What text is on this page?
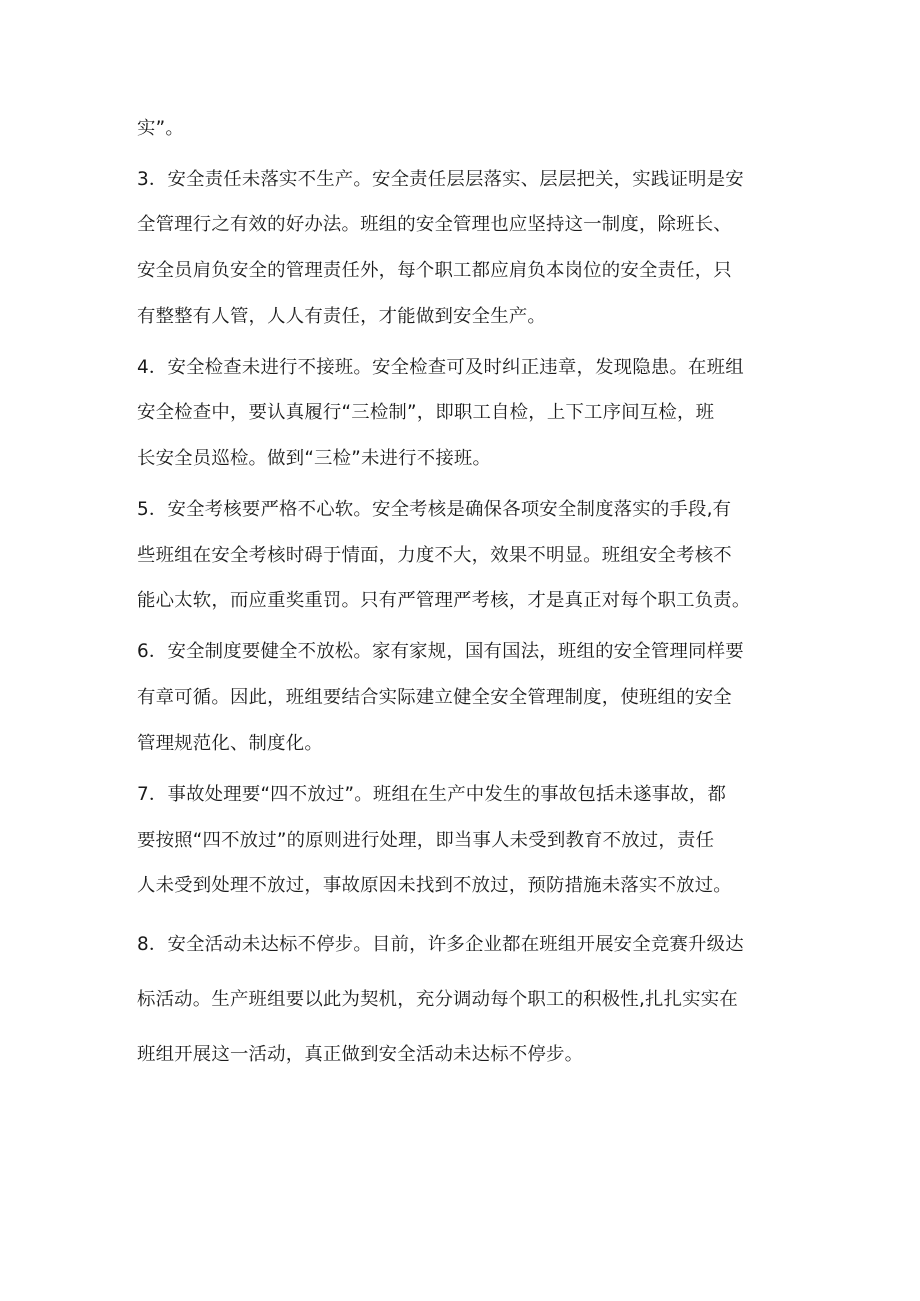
实”。
3．安全责任未落实不生产。安全责任层层落实、层层把关，实践证明是安
全管理行之有效的好办法。班组的安全管理也应坚持这一制度，除班长、
安全员肩负安全的管理责任外，每个职工都应肩负本岗位的安全责任，只
有整整有人管，人人有责任，才能做到安全生产。
4．安全检查未进行不接班。安全检查可及时纠正违章，发现隐患。在班组
安全检查中，要认真履行“三检制”，即职工自检，上下工序间互检，班
长安全员巡检。做到“三检”未进行不接班。
5．安全考核要严格不心软。安全考核是确保各项安全制度落实的手段,有
些班组在安全考核时碍于情面，力度不大，效果不明显。班组安全考核不
能心太软，而应重奖重罚。只有严管理严考核，才是真正对每个职工负责。
6．安全制度要健全不放松。家有家规，国有国法，班组的安全管理同样要
有章可循。因此，班组要结合实际建立健全安全管理制度，使班组的安全
管理规范化、制度化。
7．事故处理要“四不放过”。班组在生产中发生的事故包括未遂事故，都
要按照“四不放过”的原则进行处理，即当事人未受到教育不放过，责任
人未受到处理不放过，事故原因未找到不放过，预防措施未落实不放过。
8．安全活动未达标不停步。目前，许多企业都在班组开展安全竞赛升级达
标活动。生产班组要以此为契机，充分调动每个职工的积极性,扎扎实实在
班组开展这一活动，真正做到安全活动未达标不停步。
